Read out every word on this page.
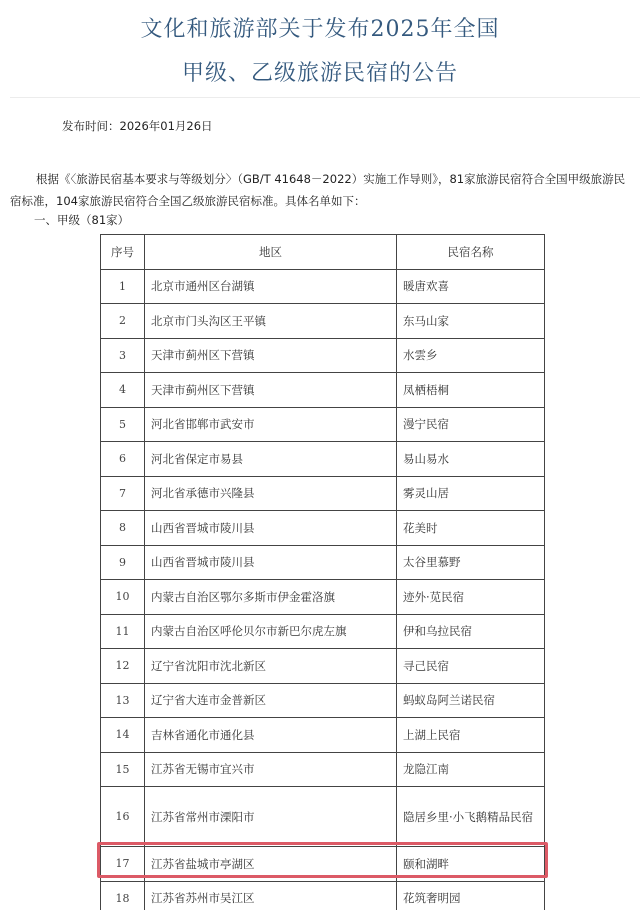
文化和旅游部关于发布2025年全国
甲级、乙级旅游民宿的公告
发布时间：2026年01月26日
根据《〈旅游民宿基本要求与等级划分〉（GB/T 41648－2022）实施工作导则》，81家旅游民宿符合全国甲级旅游民宿标准，104家旅游民宿符合全国乙级旅游民宿标准。具体名单如下：
一、甲级（81家）
序号	地区	民宿名称
1	北京市通州区台湖镇	暖唐欢喜
2	北京市门头沟区王平镇	东马山家
3	天津市蓟州区下营镇	水雲乡
4	天津市蓟州区下营镇	凤栖梧桐
5	河北省邯郸市武安市	漫宁民宿
6	河北省保定市易县	易山易水
7	河北省承德市兴隆县	雾灵山居
8	山西省晋城市陵川县	花美时
9	山西省晋城市陵川县	太谷里慕野
10	内蒙古自治区鄂尔多斯市伊金霍洛旗	迹外·苋民宿
11	内蒙古自治区呼伦贝尔市新巴尔虎左旗	伊和乌拉民宿
12	辽宁省沈阳市沈北新区	寻己民宿
13	辽宁省大连市金普新区	蚂蚁岛阿兰诺民宿
14	吉林省通化市通化县	上湖上民宿
15	江苏省无锡市宜兴市	龙隐江南
16	江苏省常州市溧阳市	隐居乡里·小飞鹅精品民宿
17	江苏省盐城市亭湖区	颐和湖畔
18	江苏省苏州市吴江区	花筑奢明园
